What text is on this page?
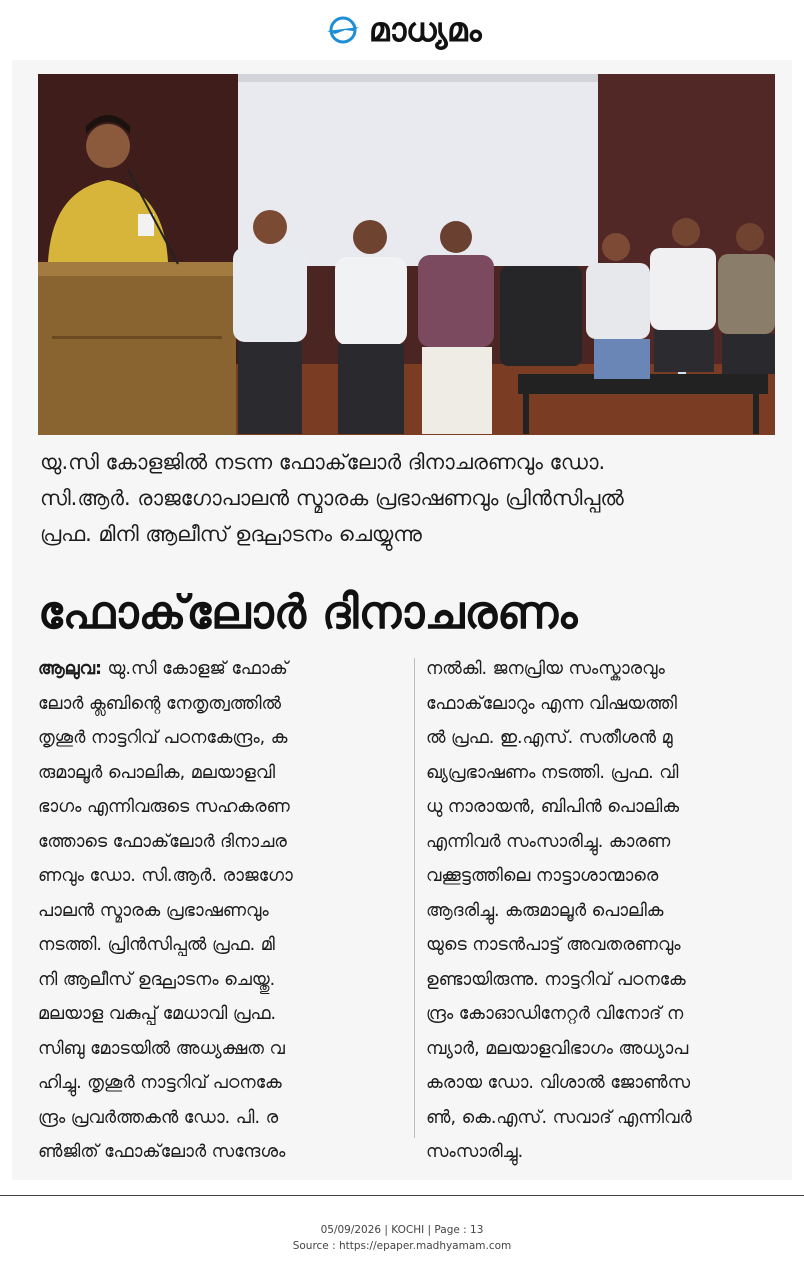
മാധ്യമം
യു.സി കോളജിൽ നടന്ന ഫോക്‌ലോർ ദിനാചരണവും ഡോ.
സി.ആർ. രാജഗോപാലൻ സ്മാരക പ്രഭാഷണവും പ്രിൻസിപ്പൽ
പ്രഫ. മിനി ആലീസ് ഉദ്ഘാടനം ചെയ്യുന്നു
ഫോക്‌ലോർ ദിനാചരണം
ആലുവ: യു.സി കോളജ് ഫോക്
ലോർ ക്ലബിന്റെ നേതൃത്വത്തിൽ
തൃശൂർ നാട്ടറിവ് പഠനകേന്ദ്രം, ക
രുമാലൂർ പൊലിക, മലയാളവി
ഭാഗം എന്നിവരുടെ സഹകരണ
ത്തോടെ ഫോക്‌ലോർ ദിനാചര
ണവും ഡോ. സി.ആർ. രാജഗോ
പാലൻ സ്മാരക പ്രഭാഷണവും
നടത്തി. പ്രിൻസിപ്പൽ പ്രഫ. മി
നി ആലീസ് ഉദ്ഘാടനം ചെയ്തു.
മലയാള വകുപ്പ് മേധാവി പ്രഫ.
സിബു മോടയിൽ അധ്യക്ഷത വ
ഹിച്ചു. തൃശൂർ നാട്ടറിവ് പഠനകേ
ന്ദ്രം പ്രവർത്തകൻ ഡോ. പി. ര
ൺജിത് ഫോക്‌ലോർ സന്ദേശം
നൽകി. ജനപ്രിയ സംസ്കാരവും
ഫോക്‌ലോറും എന്ന വിഷയത്തി
ൽ പ്രഫ. ഇ.എസ്. സതീശൻ മു
ഖ്യപ്രഭാഷണം നടത്തി. പ്രഫ. വി
ധു നാരായൻ, ബിപിൻ പൊലിക
എന്നിവർ സംസാരിച്ചു. കാരണ
വക്കൂട്ടത്തിലെ നാട്ടാശാന്മാരെ
ആദരിച്ചു. കരുമാലൂർ പൊലിക
യുടെ നാടൻപാട്ട് അവതരണവും
ഉണ്ടായിരുന്നു. നാട്ടറിവ് പഠനകേ
ന്ദ്രം കോഓഡിനേറ്റർ വിനോദ് ന
മ്പ്യാർ, മലയാളവിഭാഗം അധ്യാപ
കരായ ഡോ. വിശാൽ ജോൺസ
ൺ, കെ.എസ്. സവാദ് എന്നിവർ
സംസാരിച്ചു.
05/09/2026 | KOCHI | Page : 13
Source : https://epaper.madhyamam.com
